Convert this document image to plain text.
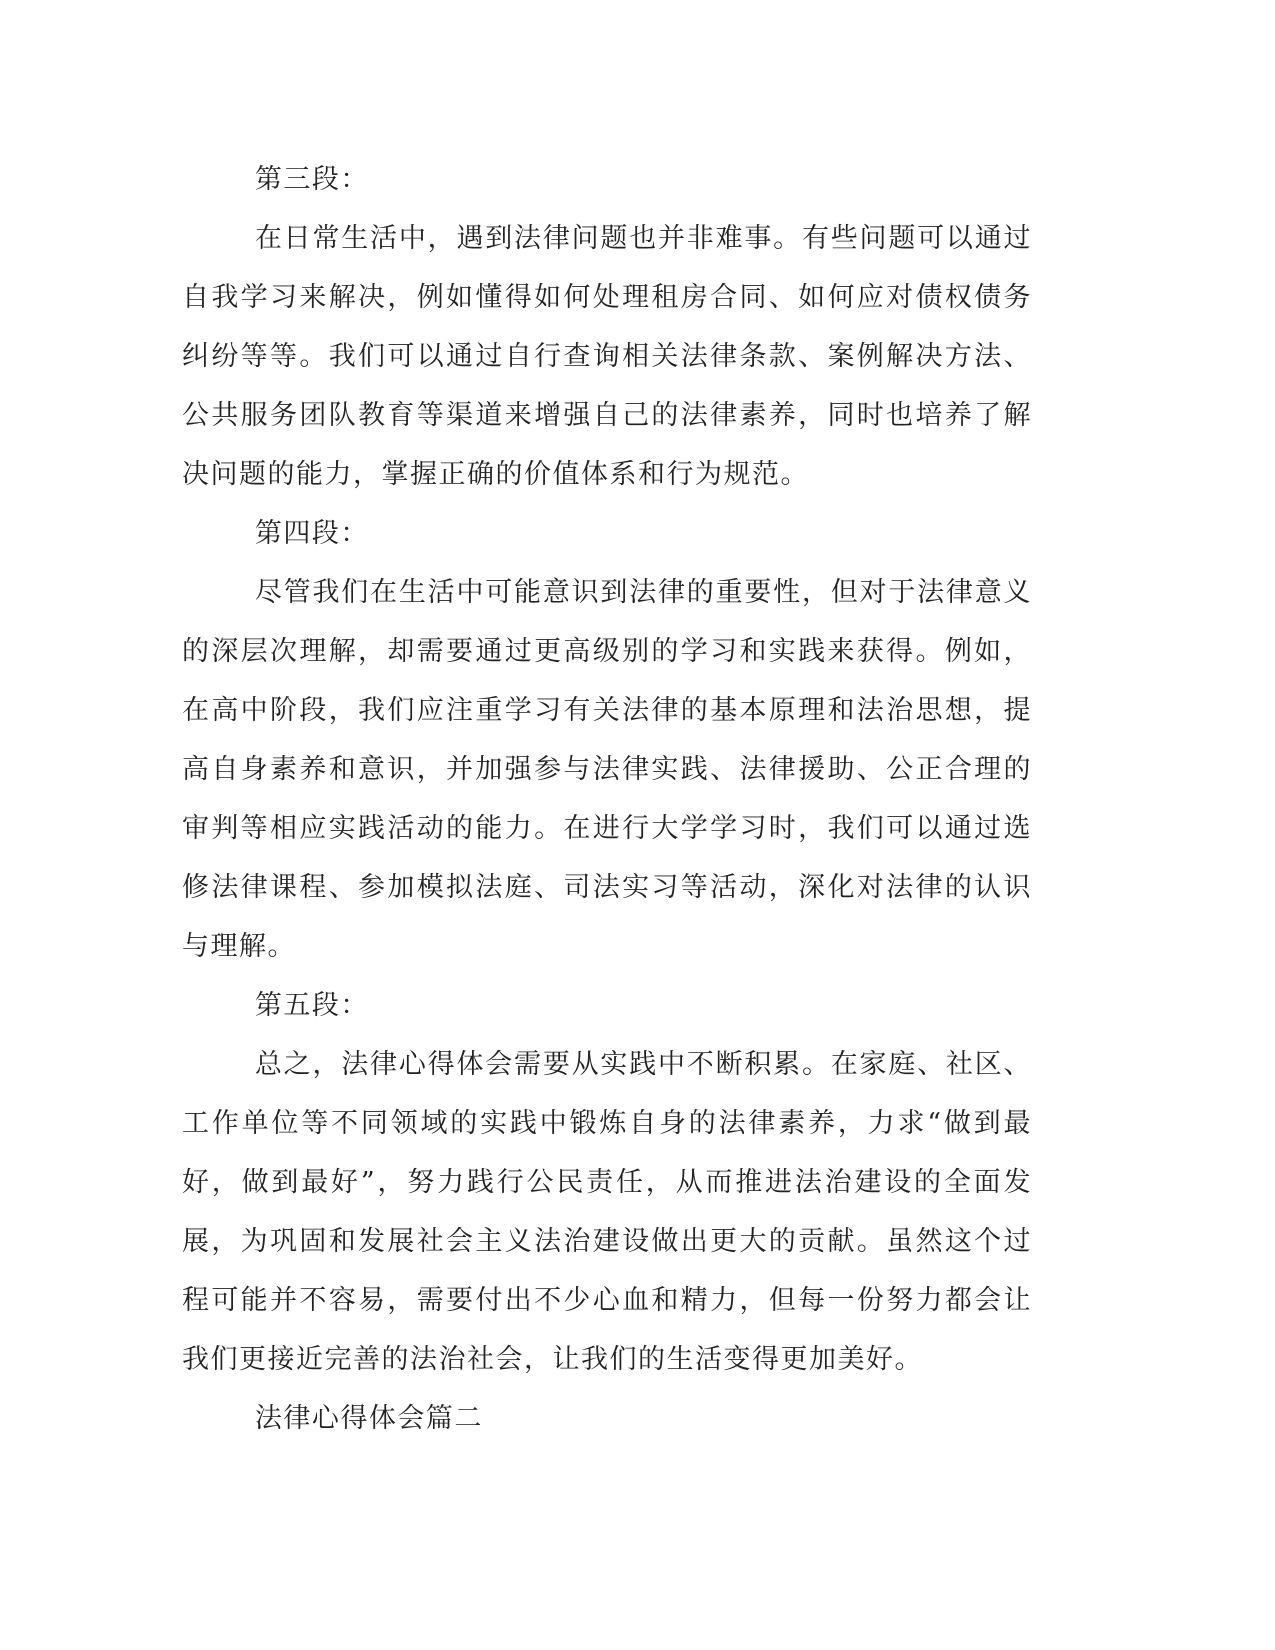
第三段：

在日常生活中，遇到法律问题也并非难事。有些问题可以通过自我学习来解决，例如懂得如何处理租房合同、如何应对债权债务纠纷等等。我们可以通过自行查询相关法律条款、案例解决方法、公共服务团队教育等渠道来增强自己的法律素养，同时也培养了解决问题的能力，掌握正确的价值体系和行为规范。

第四段：

尽管我们在生活中可能意识到法律的重要性，但对于法律意义的深层次理解，却需要通过更高级别的学习和实践来获得。例如，在高中阶段，我们应注重学习有关法律的基本原理和法治思想，提高自身素养和意识，并加强参与法律实践、法律援助、公正合理的审判等相应实践活动的能力。在进行大学学习时，我们可以通过选修法律课程、参加模拟法庭、司法实习等活动，深化对法律的认识与理解。

第五段：

总之，法律心得体会需要从实践中不断积累。在家庭、社区、工作单位等不同领域的实践中锻炼自身的法律素养，力求“做到最好，做到最好”，努力践行公民责任，从而推进法治建设的全面发展，为巩固和发展社会主义法治建设做出更大的贡献。虽然这个过程可能并不容易，需要付出不少心血和精力，但每一份努力都会让我们更接近完善的法治社会，让我们的生活变得更加美好。

法律心得体会篇二
